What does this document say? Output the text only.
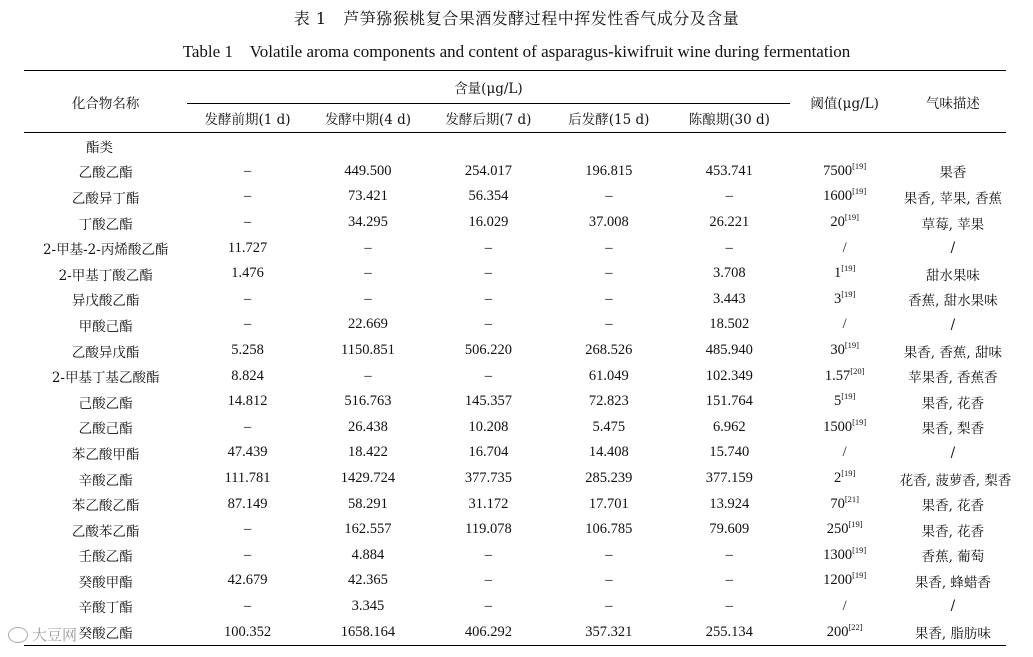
表 1   芦笋猕猴桃复合果酒发酵过程中挥发性香气成分及含量
Table 1    Volatile aroma components and content of asparagus-kiwifruit wine during fermentation
化合物名称	含量(μg/L)					阈值(μg/L)	气味描述
	发酵前期(1 d)	发酵中期(4 d)	发酵后期(7 d)	后发酵(15 d)	陈酿期(30 d)		
酯类							
乙酸乙酯	–	449.500	254.017	196.815	453.741	7500[19]	果香
乙酸异丁酯	–	73.421	56.354	–	–	1600[19]	果香, 苹果, 香蕉
丁酸乙酯	–	34.295	16.029	37.008	26.221	20[19]	草莓, 苹果
2-甲基-2-丙烯酸乙酯	11.727	–	–	–	–	/	/
2-甲基丁酸乙酯	1.476	–	–	–	3.708	1[19]	甜水果味
异戊酸乙酯	–	–	–	–	3.443	3[19]	香蕉, 甜水果味
甲酸己酯	–	22.669	–	–	18.502	/	/
乙酸异戊酯	5.258	1150.851	506.220	268.526	485.940	30[19]	果香, 香蕉, 甜味
2-甲基丁基乙酸酯	8.824	–	–	61.049	102.349	1.57[20]	苹果香, 香蕉香
己酸乙酯	14.812	516.763	145.357	72.823	151.764	5[19]	果香, 花香
乙酸己酯	–	26.438	10.208	5.475	6.962	1500[19]	果香, 梨香
苯乙酸甲酯	47.439	18.422	16.704	14.408	15.740	/	/
辛酸乙酯	111.781	1429.724	377.735	285.239	377.159	2[19]	花香, 菠萝香, 梨香
苯乙酸乙酯	87.149	58.291	31.172	17.701	13.924	70[21]	果香, 花香
乙酸苯乙酯	–	162.557	119.078	106.785	79.609	250[19]	果香, 花香
壬酸乙酯	–	4.884	–	–	–	1300[19]	香蕉, 葡萄
癸酸甲酯	42.679	42.365	–	–	–	1200[19]	果香, 蜂蜡香
辛酸丁酯	–	3.345	–	–	–	/	/
癸酸乙酯	100.352	1658.164	406.292	357.321	255.134	200[22]	果香, 脂肪味
大豆网
